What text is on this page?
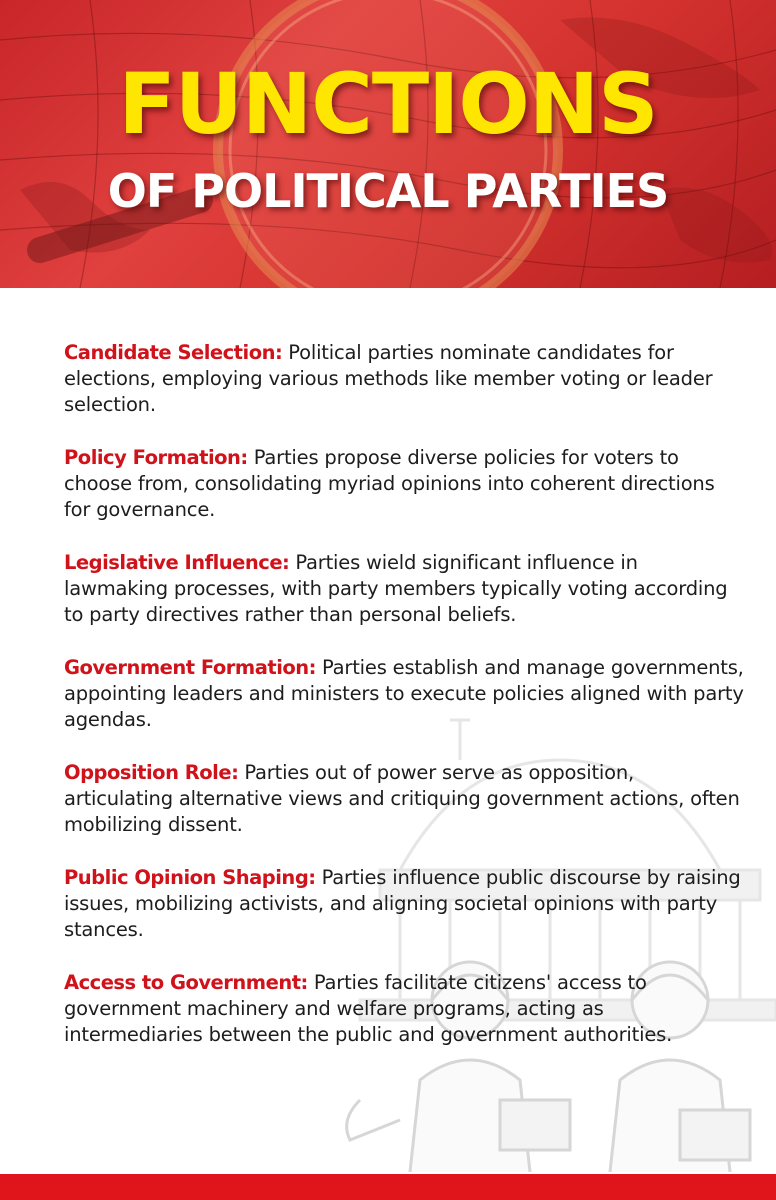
FUNCTIONS
OF POLITICAL PARTIES

Candidate Selection: Political parties nominate candidates for elections, employing various methods like member voting or leader selection.

Policy Formation: Parties propose diverse policies for voters to choose from, consolidating myriad opinions into coherent directions for governance.

Legislative Influence: Parties wield significant influence in lawmaking processes, with party members typically voting according to party directives rather than personal beliefs.

Government Formation: Parties establish and manage governments, appointing leaders and ministers to execute policies aligned with party agendas.

Opposition Role: Parties out of power serve as opposition, articulating alternative views and critiquing government actions, often mobilizing dissent.

Public Opinion Shaping: Parties influence public discourse by raising issues, mobilizing activists, and aligning societal opinions with party stances.

Access to Government: Parties facilitate citizens' access to government machinery and welfare programs, acting as intermediaries between the public and government authorities.
